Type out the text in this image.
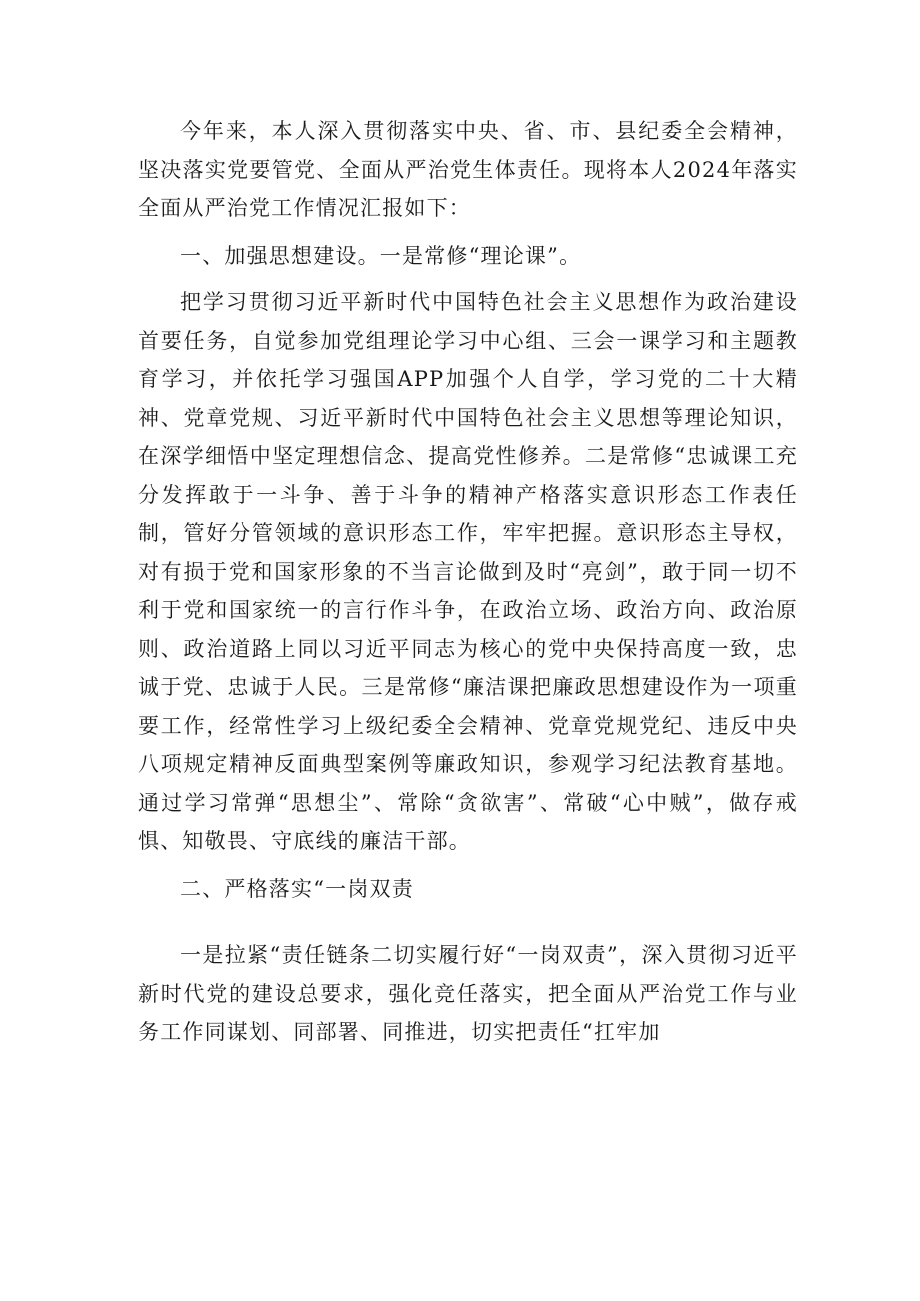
今年来，本人深入贯彻落实中央、省、市、县纪委全会精神，坚决落实党要管党、全面从严治党生体责任。现将本人2024年落实全面从严治党工作情况汇报如下：

一、加强思想建设。一是常修“理论课”。

把学习贯彻习近平新时代中国特色社会主义思想作为政治建设首要任务，自觉参加党组理论学习中心组、三会一课学习和主题教育学习，并依托学习强国APP加强个人自学，学习党的二十大精神、党章党规、习近平新时代中国特色社会主义思想等理论知识，在深学细悟中坚定理想信念、提高党性修养。二是常修“忠诚课工充分发挥敢于一斗争、善于斗争的精神产格落实意识形态工作表任制，管好分管领域的意识形态工作，牢牢把握。意识形态主导权，对有损于党和国家形象的不当言论做到及时“亮剑”，敢于同一切不利于党和国家统一的言行作斗争，在政治立场、政治方向、政治原则、政治道路上同以习近平同志为核心的党中央保持高度一致，忠诚于党、忠诚于人民。三是常修“廉洁课把廉政思想建设作为一项重要工作，经常性学习上级纪委全会精神、党章党规党纪、违反中央八项规定精神反面典型案例等廉政知识，参观学习纪法教育基地。通过学习常弹“思想尘”、常除“贪欲害”、常破“心中贼”，做存戒惧、知敬畏、守底线的廉洁干部。

二、严格落实“一岗双责

一是拉紧“责任链条二切实履行好“一岗双责”，深入贯彻习近平新时代党的建设总要求，强化竞任落实，把全面从严治党工作与业务工作同谋划、同部署、同推进，切实把责任“扛牢加
